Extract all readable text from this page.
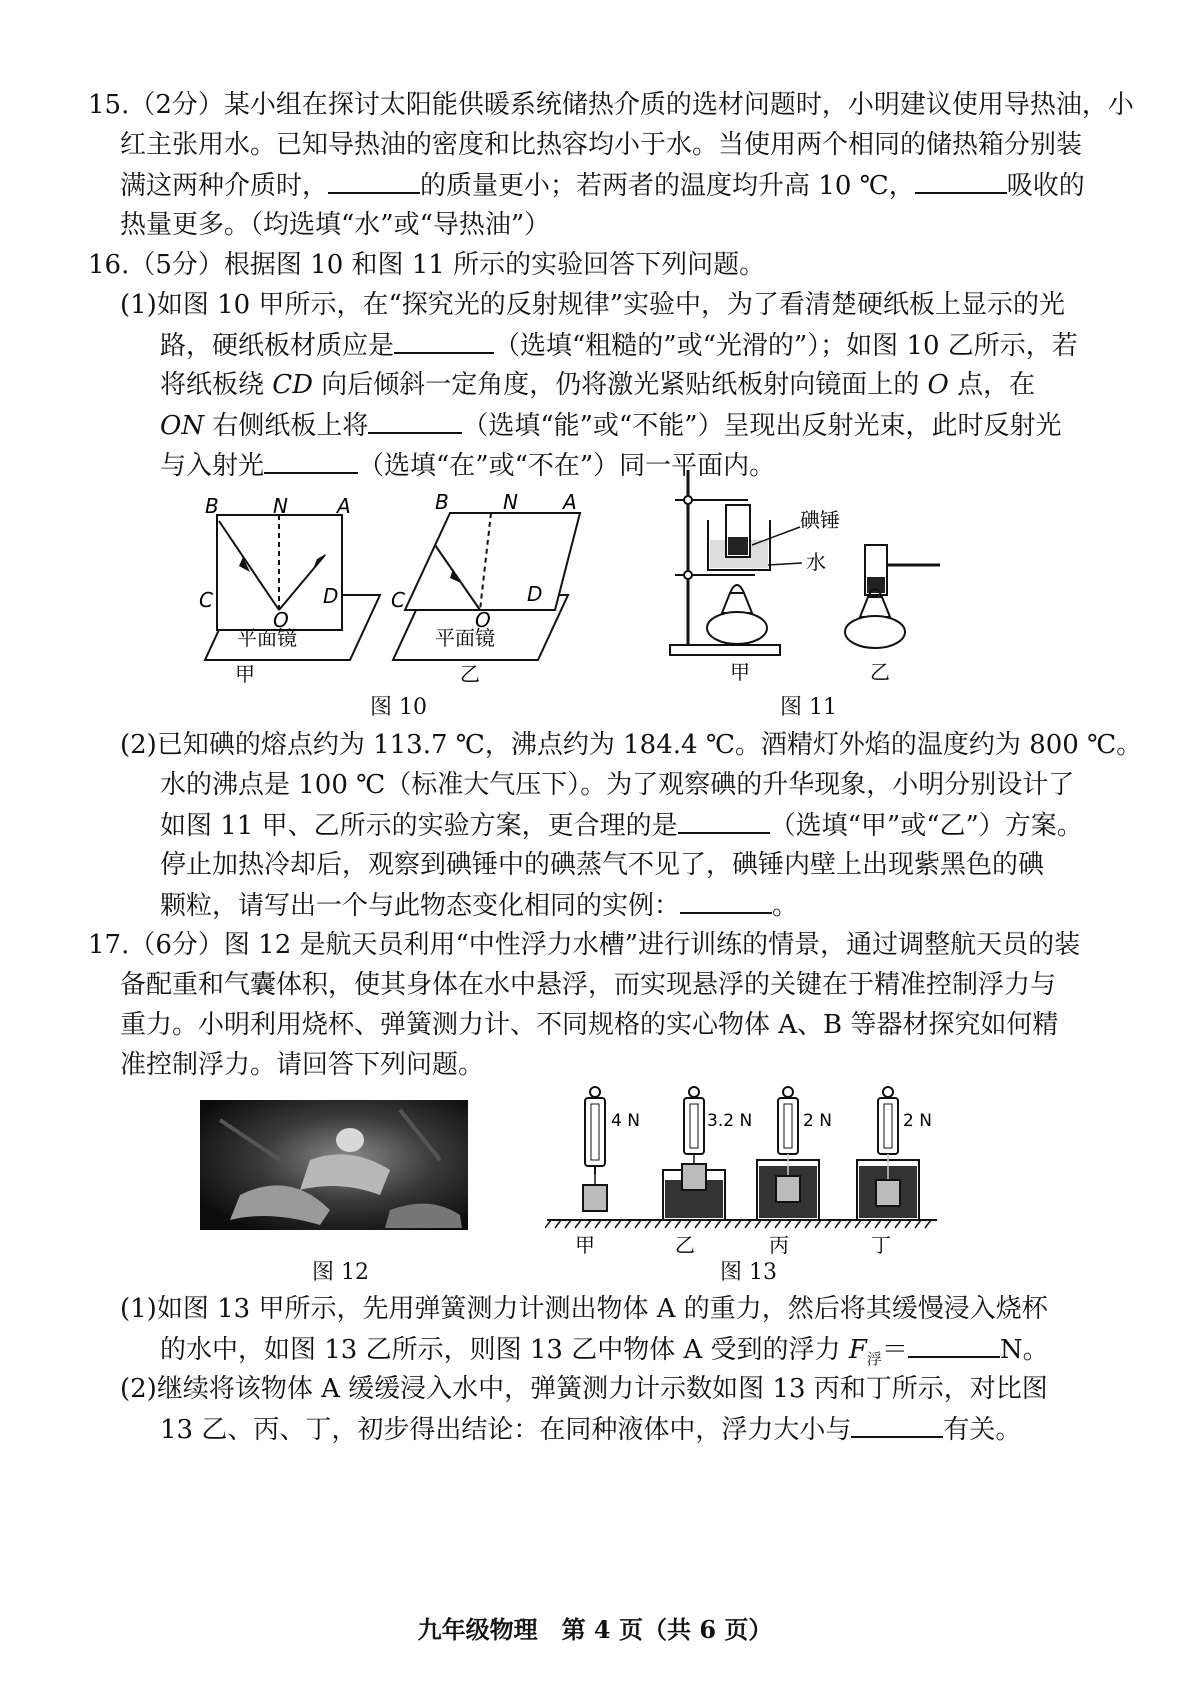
15.（2分）某小组在探讨太阳能供暖系统储热介质的选材问题时，小明建议使用导热油，小
红主张用水。已知导热油的密度和比热容均小于水。当使用两个相同的储热箱分别装
满这两种介质时，	的质量更小；若两者的温度均升高 10 ℃，	吸收的
热量更多。（均选填“水”或“导热油”）
16.（5分）根据图 10 和图 11 所示的实验回答下列问题。
(1)如图 10 甲所示，在“探究光的反射规律”实验中，为了看清楚硬纸板上显示的光
路，硬纸板材质应是	（选填“粗糙的”或“光滑的”）；如图 10 乙所示，若
将纸板绕 CD 向后倾斜一定角度，仍将激光紧贴纸板射向镜面上的 O 点，在
ON 右侧纸板上将	（选填“能”或“不能”）呈现出反射光束，此时反射光
与入射光	（选填“在”或“不在”）同一平面内。
B	N A
C
O
D
平面镜
甲
B	N A
C
O
D
平面镜
乙
图 10
甲
碘锤
水
乙
图 11
(2)已知碘的熔点约为 113.7 ℃，沸点约为 184.4 ℃。酒精灯外焰的温度约为 800 ℃。
水的沸点是 100 ℃（标准大气压下）。为了观察碘的升华现象，小明分别设计了
如图 11 甲、乙所示的实验方案，更合理的是	（选填“甲”或“乙”）方案。
停止加热冷却后，观察到碘锤中的碘蒸气不见了，碘锤内壁上出现紫黑色的碘
颗粒，请写出一个与此物态变化相同的实例：	。
17.（6分）图 12 是航天员利用“中性浮力水槽”进行训练的情景，通过调整航天员的装
备配重和气囊体积，使其身体在水中悬浮，而实现悬浮的关键在于精准控制浮力与
重力。小明利用烧杯、弹簧测力计、不同规格的实心物体 A、B 等器材探究如何精
准控制浮力。请回答下列问题。
图 12
4 N
甲
3.2 N
乙
2 N
丙
2 N
丁
图 13
(1)如图 13 甲所示，先用弹簧测力计测出物体 A 的重力，然后将其缓慢浸入烧杯
的水中，如图 13 乙所示，则图 13 乙中物体 A 受到的浮力 $F_浮=$	N。
(2)继续将该物体 A 缓缓浸入水中，弹簧测力计示数如图 13 丙和丁所示，对比图
13 乙、丙、丁，初步得出结论：在同种液体中，浮力大小与	有关。
九年级物理　第 4 页（共 6 页）
